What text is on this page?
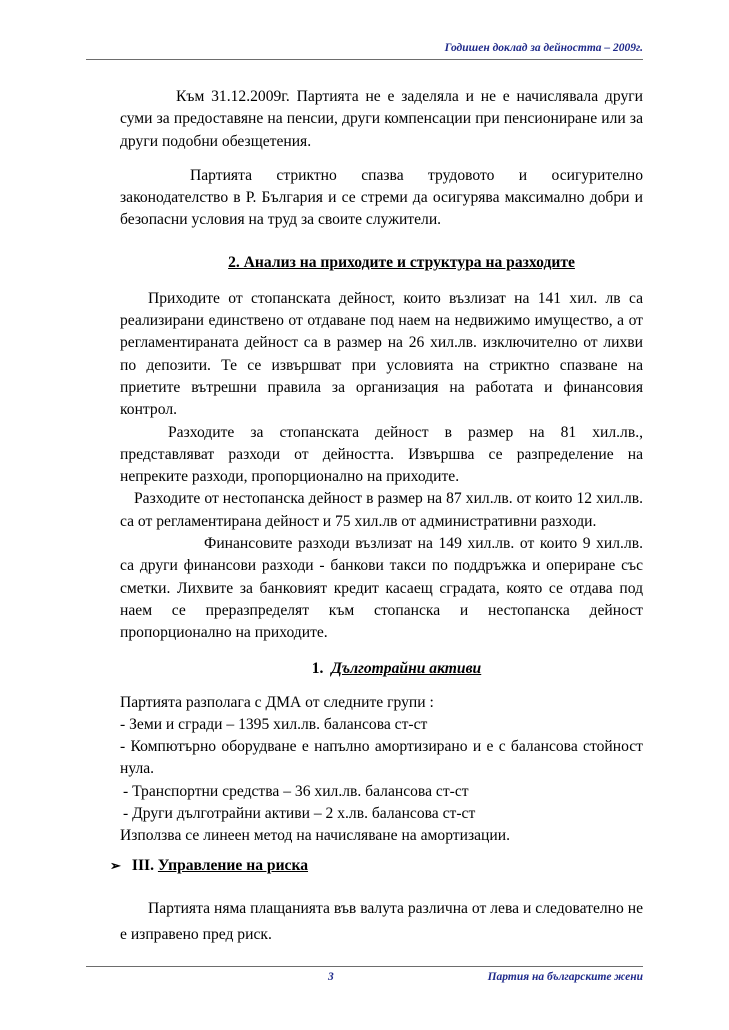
Годишен доклад за дейността – 2009г.

Към 31.12.2009г. Партията не е заделяла и не е начислявала други суми за предоставяне на пенсии, други компенсации при пенсиониране или за други подобни обезщетения.

Партията стриктно спазва трудовото и осигурително законодателство в Р. България и се стреми да осигурява максимално добри и безопасни условия на труд за своите служители.

2. Анализ на приходите и структура на разходите

Приходите от стопанската дейност, които възлизат на 141 хил. лв са реализирани единствено от отдаване под наем на недвижимо имущество, а от регламентираната дейност са в размер на 26 хил.лв. изключително от лихви по депозити. Те се извършват при условията на стриктно спазване на приетите вътрешни правила за организация на работата и финансовия контрол.

Разходите за стопанската дейност в размер на 81 хил.лв., представляват разходи от дейността. Извършва се разпределение на непреките разходи, пропорционално на приходите.

Разходите от нестопанска дейност в размер на 87 хил.лв. от които 12 хил.лв. са от регламентирана дейност и 75 хил.лв от административни разходи.

Финансовите разходи възлизат на 149 хил.лв. от които 9 хил.лв. са други финансови разходи - банкови такси по поддръжка и опериране със сметки. Лихвите за банковият кредит касаещ сградата, която се отдава под наем се преразпределят към стопанска и нестопанска дейност пропорционално на приходите.

1. Дълготрайни активи

Партията разполага с ДМА от следните групи :

- Земи и сгради – 1395 хил.лв. балансова ст-ст

- Компютърно оборудване е напълно амортизирано и е с балансова стойност нула.

- Транспортни средства – 36 хил.лв. балансова ст-ст

- Други дълготрайни активи – 2 х.лв. балансова ст-ст

Използва се линеен метод на начисляване на амортизации.

➢ III. Управление на риска

Партията няма плащанията във валута различна от лева и следователно не е изправено пред риск.

3	Партия на българските жени
